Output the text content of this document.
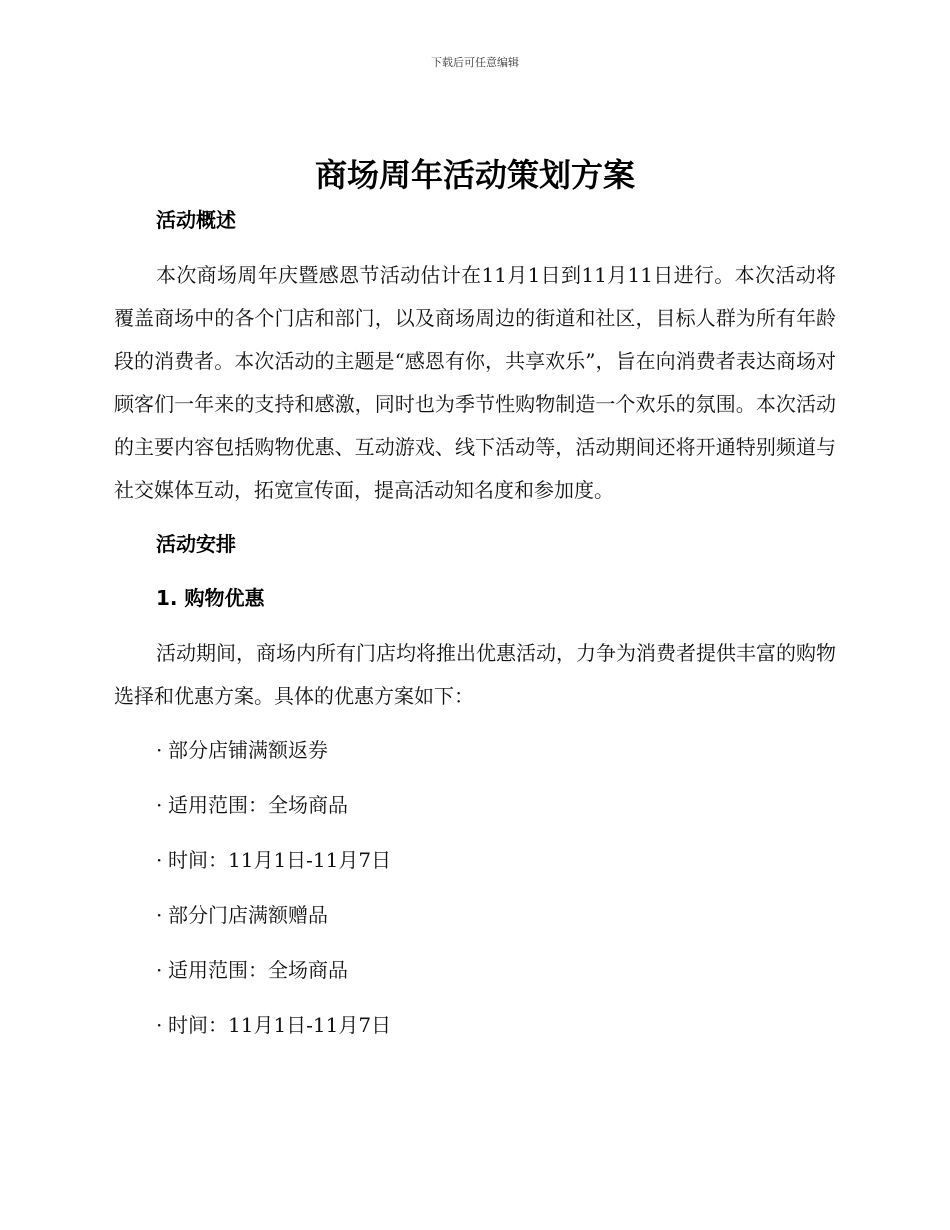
下载后可任意编辑
商场周年活动策划方案
活动概述

本次商场周年庆暨感恩节活动估计在11月1日到11月11日进行。本次活动将覆盖商场中的各个门店和部门，以及商场周边的街道和社区，目标人群为所有年龄段的消费者。本次活动的主题是“感恩有你，共享欢乐”，旨在向消费者表达商场对顾客们一年来的支持和感激，同时也为季节性购物制造一个欢乐的氛围。本次活动的主要内容包括购物优惠、互动游戏、线下活动等，活动期间还将开通特别频道与社交媒体互动，拓宽宣传面，提高活动知名度和参加度。

活动安排
1. 购物优惠

活动期间，商场内所有门店均将推出优惠活动，力争为消费者提供丰富的购物选择和优惠方案。具体的优惠方案如下：

· 部分店铺满额返券
· 适用范围：全场商品
· 时间：11月1日-11月7日
· 部分门店满额赠品
· 适用范围：全场商品
· 时间：11月1日-11月7日
